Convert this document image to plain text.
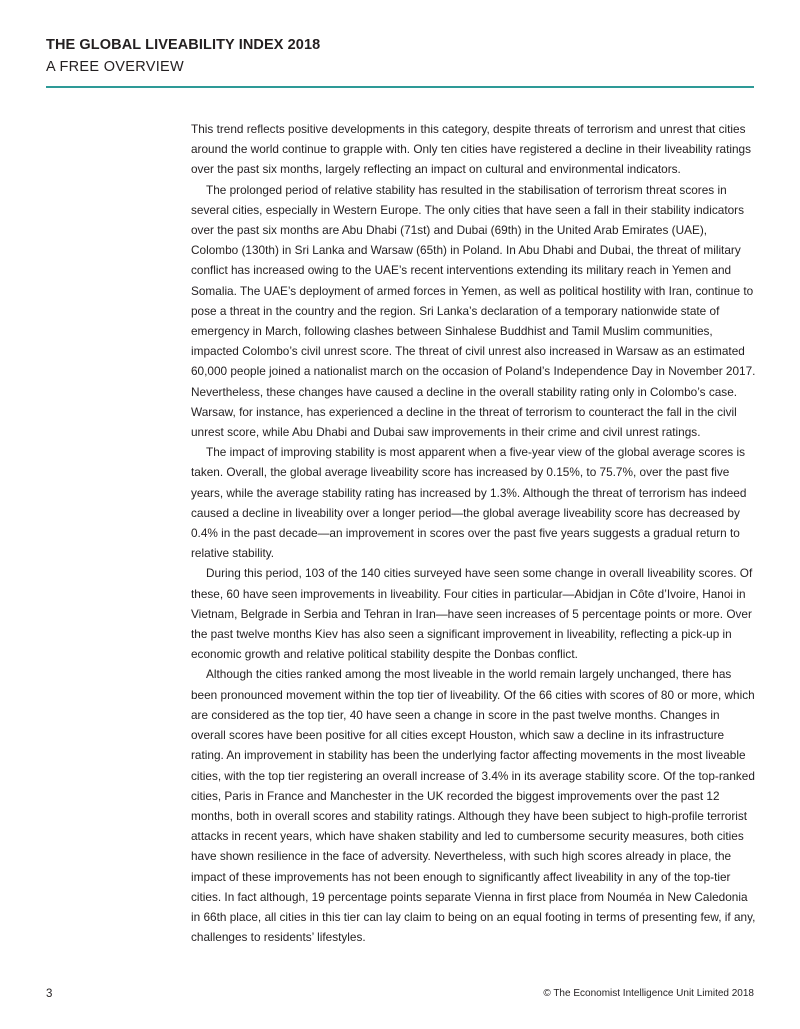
THE GLOBAL LIVEABILITY INDEX 2018
A FREE OVERVIEW

This trend reflects positive developments in this category, despite threats of terrorism and unrest that cities around the world continue to grapple with. Only ten cities have registered a decline in their liveability ratings over the past six months, largely reflecting an impact on cultural and environmental indicators.

The prolonged period of relative stability has resulted in the stabilisation of terrorism threat scores in several cities, especially in Western Europe. The only cities that have seen a fall in their stability indicators over the past six months are Abu Dhabi (71st) and Dubai (69th) in the United Arab Emirates (UAE), Colombo (130th) in Sri Lanka and Warsaw (65th) in Poland. In Abu Dhabi and Dubai, the threat of military conflict has increased owing to the UAE’s recent interventions extending its military reach in Yemen and Somalia. The UAE’s deployment of armed forces in Yemen, as well as political hostility with Iran, continue to pose a threat in the country and the region. Sri Lanka’s declaration of a temporary nationwide state of emergency in March, following clashes between Sinhalese Buddhist and Tamil Muslim communities, impacted Colombo’s civil unrest score. The threat of civil unrest also increased in Warsaw as an estimated 60,000 people joined a nationalist march on the occasion of Poland’s Independence Day in November 2017. Nevertheless, these changes have caused a decline in the overall stability rating only in Colombo’s case. Warsaw, for instance, has experienced a decline in the threat of terrorism to counteract the fall in the civil unrest score, while Abu Dhabi and Dubai saw improvements in their crime and civil unrest ratings.

The impact of improving stability is most apparent when a five-year view of the global average scores is taken. Overall, the global average liveability score has increased by 0.15%, to 75.7%, over the past five years, while the average stability rating has increased by 1.3%. Although the threat of terrorism has indeed caused a decline in liveability over a longer period—the global average liveability score has decreased by 0.4% in the past decade—an improvement in scores over the past five years suggests a gradual return to relative stability.

During this period, 103 of the 140 cities surveyed have seen some change in overall liveability scores. Of these, 60 have seen improvements in liveability. Four cities in particular—Abidjan in Côte d’Ivoire, Hanoi in Vietnam, Belgrade in Serbia and Tehran in Iran—have seen increases of 5 percentage points or more. Over the past twelve months Kiev has also seen a significant improvement in liveability, reflecting a pick-up in economic growth and relative political stability despite the Donbas conflict.

Although the cities ranked among the most liveable in the world remain largely unchanged, there has been pronounced movement within the top tier of liveability. Of the 66 cities with scores of 80 or more, which are considered as the top tier, 40 have seen a change in score in the past twelve months. Changes in overall scores have been positive for all cities except Houston, which saw a decline in its infrastructure rating. An improvement in stability has been the underlying factor affecting movements in the most liveable cities, with the top tier registering an overall increase of 3.4% in its average stability score. Of the top-ranked cities, Paris in France and Manchester in the UK recorded the biggest improvements over the past 12 months, both in overall scores and stability ratings. Although they have been subject to high-profile terrorist attacks in recent years, which have shaken stability and led to cumbersome security measures, both cities have shown resilience in the face of adversity. Nevertheless, with such high scores already in place, the impact of these improvements has not been enough to significantly affect liveability in any of the top-tier cities. In fact although, 19 percentage points separate Vienna in first place from Nouméa in New Caledonia in 66th place, all cities in this tier can lay claim to being on an equal footing in terms of presenting few, if any, challenges to residents’ lifestyles.

3	© The Economist Intelligence Unit Limited 2018
